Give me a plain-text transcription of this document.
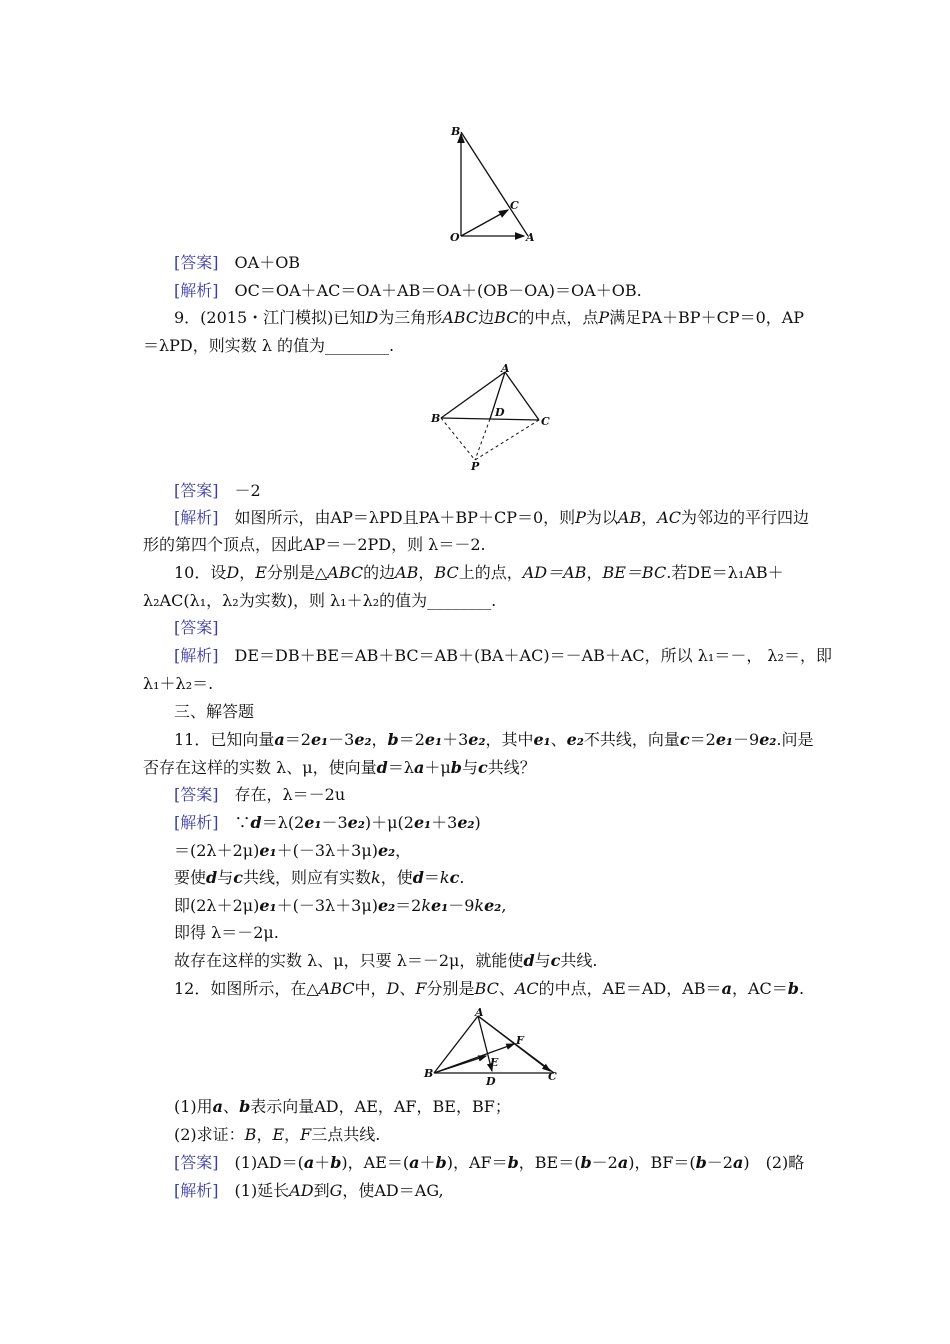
B
C
O	A
[答案]　 OA＋OB
[解析]　 OC＝OA＋AC＝OA＋AB＝OA＋(OB－OA)＝OA＋OB.
9．(2015・江门模拟)已知D为三角形ABC边BC的中点，点P满足PA＋BP＋CP＝0，AP
＝λPD，则实数 λ 的值为________.
A
B	C
D
P
[答案]　 －2
[解析]　 如图所示，由AP＝λPD且PA＋BP＋CP＝0，则P为以AB，AC为邻边的平行四边
形的第四个顶点，因此AP＝－2PD，则 λ＝－2.
10．设D，E分别是△ABC的边AB，BC上的点，AD＝AB，BE＝BC.若DE＝λ₁AB＋
λ₂AC(λ₁，λ₂为实数)，则 λ₁＋λ₂的值为________.
[答案]
[解析]　 DE＝DB＋BE＝AB＋BC＝AB＋(BA＋AC)＝－AB＋AC，所以 λ₁＝－， λ₂＝，即
λ₁＋λ₂＝.
三、解答题
11．已知向量a＝2e₁－3e₂，b＝2e₁＋3e₂，其中e₁、e₂不共线，向量c＝2e₁－9e₂.问是
否存在这样的实数 λ、μ，使向量d＝λa＋μb与c共线？
[答案]　 存在，λ＝－2u
[解析]　 ∵d＝λ(2e₁－3e₂)＋μ(2e₁＋3e₂)
＝(2λ＋2μ)e₁＋(－3λ＋3μ)e₂，
要使d与c共线，则应有实数k，使d＝kc.
即(2λ＋2μ)e₁＋(－3λ＋3μ)e₂＝2ke₁－9ke₂,
即得 λ＝－2μ.
故存在这样的实数 λ、μ，只要 λ＝－2μ，就能使d与c共线.
12．如图所示，在△ABC中，D、F分别是BC、AC的中点，AE＝AD，AB＝a，AC＝b.
A
B	C
D
E
F
(1)用a、b表示向量AD，AE，AF，BE，BF；
(2)求证：B，E，F三点共线.
[答案]　 (1)AD＝(a＋b)，AE＝(a＋b)，AF＝b，BE＝(b－2a)，BF＝(b－2a)　(2)略
[解析]　 (1)延长AD到G，使AD＝AG,
